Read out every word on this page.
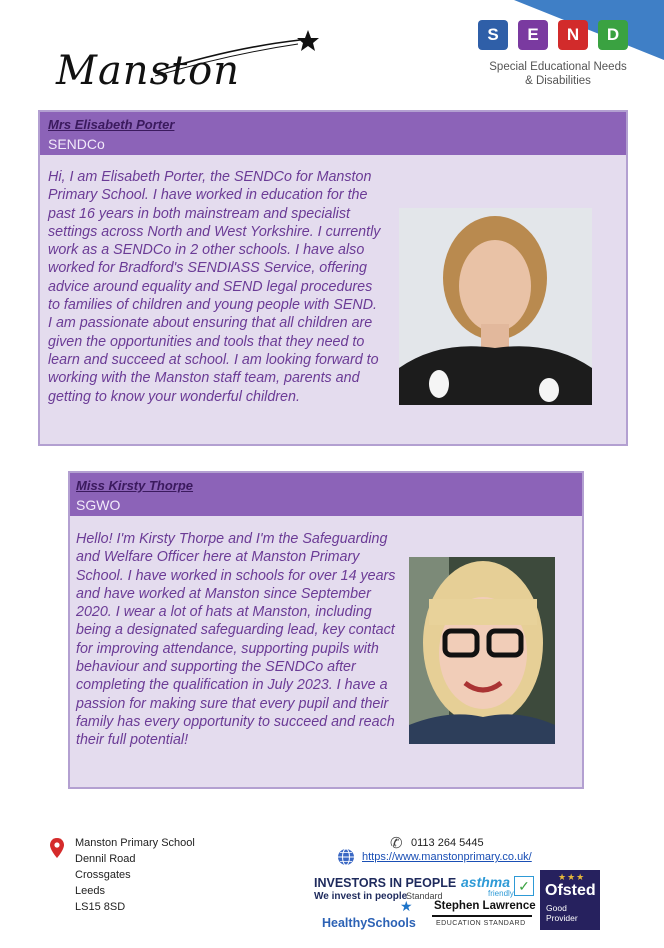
Manston
S	E	N	D
Special Educational Needs
& Disabilities
Mrs Elisabeth Porter
SENDCo
Hi, I am Elisabeth Porter, the SENDCo for Manston Primary School. I have worked in education for the past 16 years in both mainstream and specialist settings across North and West Yorkshire. I currently work as a SENDCo in 2 other schools. I have also worked for Bradford's SENDIASS Service, offering advice around equality and SEND legal procedures to families of children and young people with SEND. I am passionate about ensuring that all children are given the opportunities and tools that they need to learn and succeed at school. I am looking forward to working with the Manston staff team, parents and getting to know your wonderful children.
Miss Kirsty Thorpe
SGWO
Hello! I'm Kirsty Thorpe and I'm the Safeguarding and Welfare Officer here at Manston Primary School. I have worked in schools for over 14 years and have worked at Manston since September 2020. I wear a lot of hats at Manston, including being a designated safeguarding lead, key contact for improving attendance, supporting pupils with behaviour and supporting the SENDCo after completing the qualification in July 2023. I have a passion for making sure that every pupil and their family has every opportunity to succeed and reach their full potential!
Manston Primary School
Dennil Road
Crossgates
Leeds
LS15 8SD
✆ 0113 264 5445
https://www.manstonprimary.co.uk/
INVESTORS IN PEOPLE
We invest in people
Standard
asthma
friendly ✓
★
HealthySchools
Stephen Lawrence
EDUCATION STANDARD
★★★
Ofsted
Good
Provider
